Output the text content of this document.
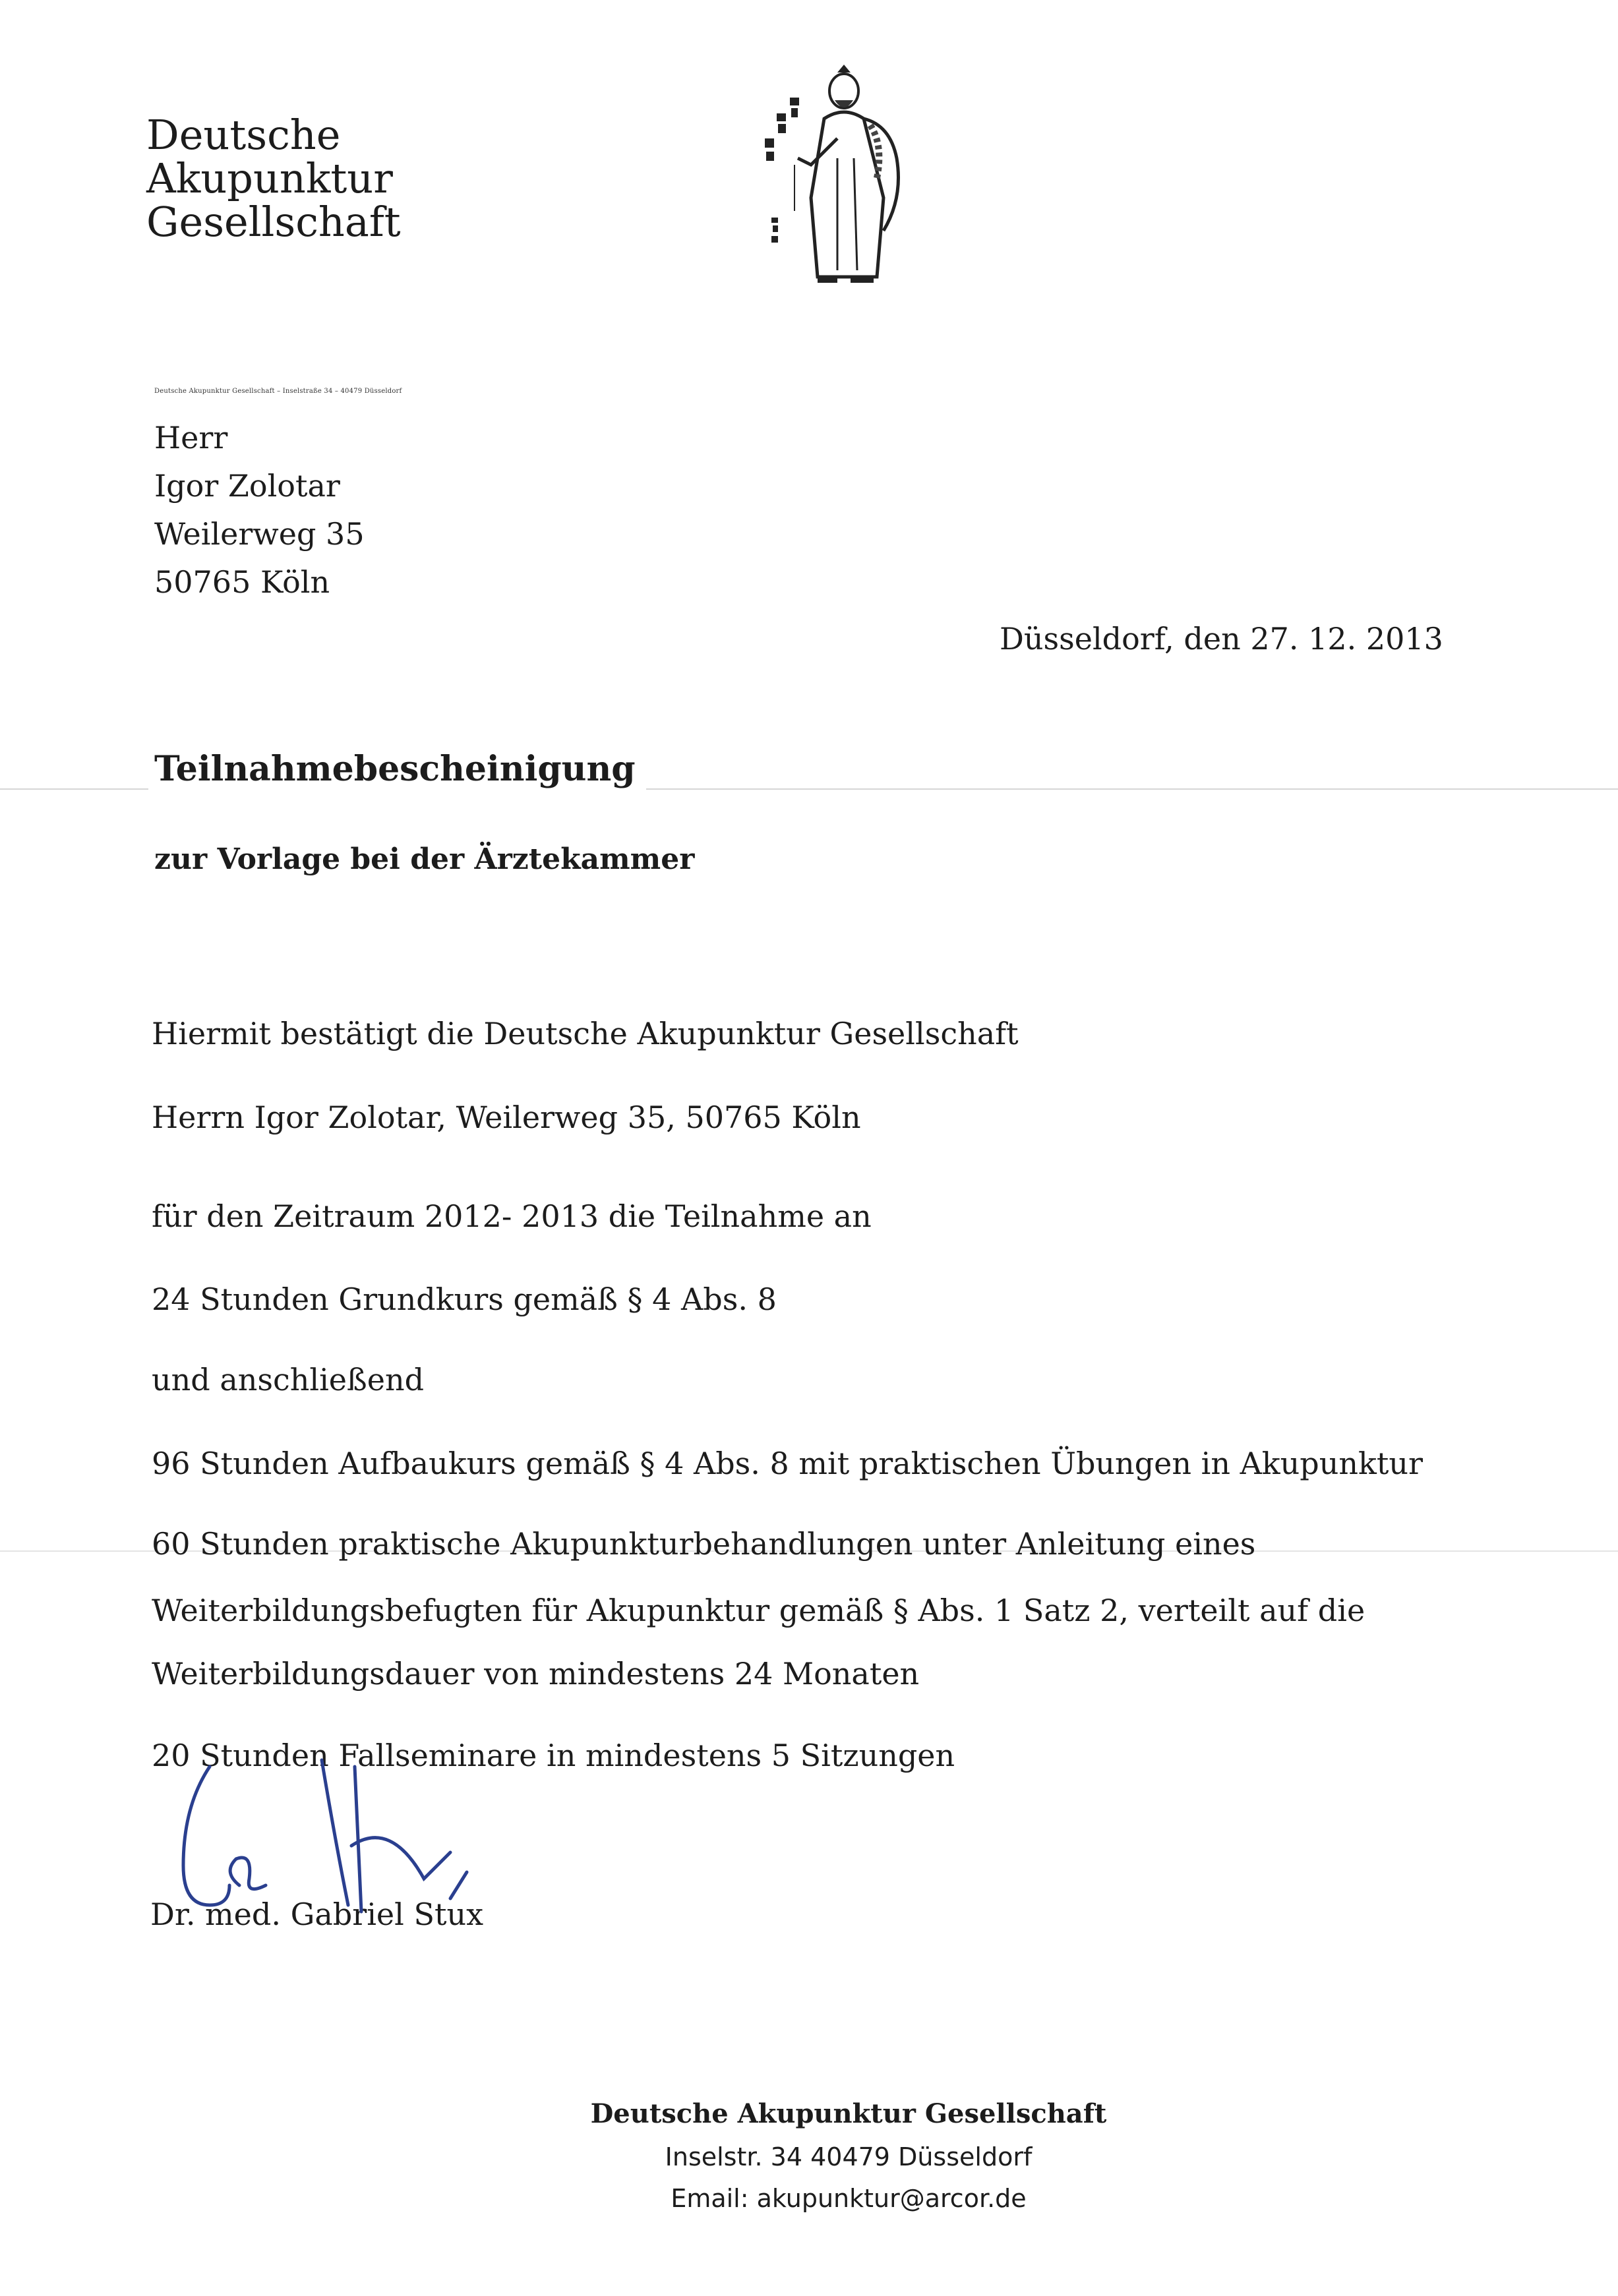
Deutsche
Akupunktur
Gesellschaft
Deutsche Akupunktur Gesellschaft – Inselstraße 34 – 40479 Düsseldorf
Herr
Igor Zolotar
Weilerweg 35
50765 Köln
Düsseldorf, den 27. 12. 2013
Teilnahmebescheinigung
zur Vorlage bei der Ärztekammer
Hiermit bestätigt die Deutsche Akupunktur Gesellschaft
Herrn Igor Zolotar, Weilerweg 35, 50765 Köln
für den Zeitraum 2012- 2013 die Teilnahme an
24 Stunden Grundkurs gemäß § 4 Abs. 8
und anschließend
96 Stunden Aufbaukurs gemäß § 4 Abs. 8 mit praktischen Übungen in Akupunktur
60 Stunden praktische Akupunkturbehandlungen unter Anleitung eines
Weiterbildungsbefugten für Akupunktur gemäß § Abs. 1 Satz 2, verteilt auf die
Weiterbildungsdauer von mindestens 24 Monaten
20 Stunden Fallseminare in mindestens 5 Sitzungen
Dr. med. Gabriel Stux
Deutsche Akupunktur Gesellschaft
Inselstr. 34 40479 Düsseldorf
Email: akupunktur@arcor.de
